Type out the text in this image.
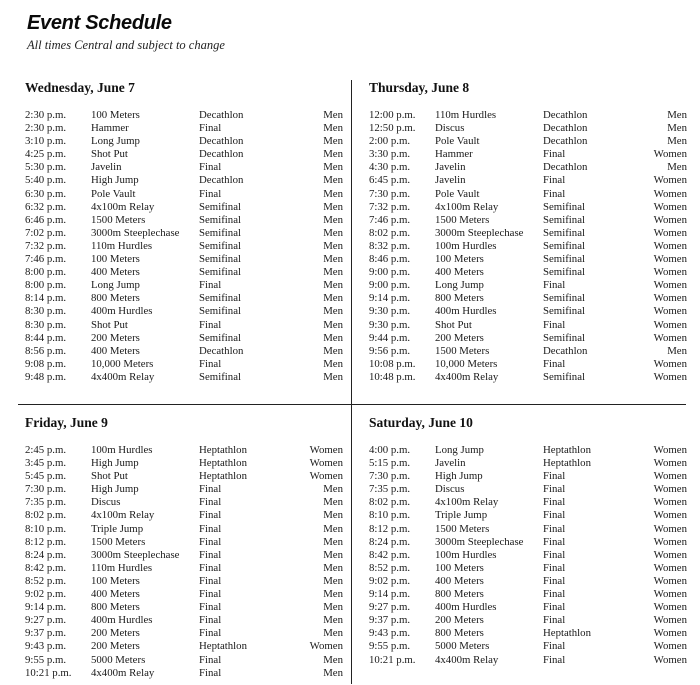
Event Schedule
All times Central and subject to change
Wednesday, June 7
2:30 p.m.	100 Meters	Decathlon	Men
2:30 p.m.	Hammer	Final	Men
3:10 p.m.	Long Jump	Decathlon	Men
4:25 p.m.	Shot Put	Decathlon	Men
5:30 p.m.	Javelin	Final	Men
5:40 p.m.	High Jump	Decathlon	Men
6:30 p.m.	Pole Vault	Final	Men
6:32 p.m.	4x100m Relay	Semifinal	Men
6:46 p.m.	1500 Meters	Semifinal	Men
7:02 p.m.	3000m Steeplechase	Semifinal	Men
7:32 p.m.	110m Hurdles	Semifinal	Men
7:46 p.m.	100 Meters	Semifinal	Men
8:00 p.m.	400 Meters	Semifinal	Men
8:00 p.m.	Long Jump	Final	Men
8:14 p.m.	800 Meters	Semifinal	Men
8:30 p.m.	400m Hurdles	Semifinal	Men
8:30 p.m.	Shot Put	Final	Men
8:44 p.m.	200 Meters	Semifinal	Men
8:56 p.m.	400 Meters	Decathlon	Men
9:08 p.m.	10,000 Meters	Final	Men
9:48 p.m.	4x400m Relay	Semifinal	Men
Thursday, June 8
12:00 p.m.	110m Hurdles	Decathlon	Men
12:50 p.m.	Discus	Decathlon	Men
2:00 p.m.	Pole Vault	Decathlon	Men
3:30 p.m.	Hammer	Final	Women
4:30 p.m.	Javelin	Decathlon	Men
6:45 p.m.	Javelin	Final	Women
7:30 p.m.	Pole Vault	Final	Women
7:32 p.m.	4x100m Relay	Semifinal	Women
7:46 p.m.	1500 Meters	Semifinal	Women
8:02 p.m.	3000m Steeplechase	Semifinal	Women
8:32 p.m.	100m Hurdles	Semifinal	Women
8:46 p.m.	100 Meters	Semifinal	Women
9:00 p.m.	400 Meters	Semifinal	Women
9:00 p.m.	Long Jump	Final	Women
9:14 p.m.	800 Meters	Semifinal	Women
9:30 p.m.	400m Hurdles	Semifinal	Women
9:30 p.m.	Shot Put	Final	Women
9:44 p.m.	200 Meters	Semifinal	Women
9:56 p.m.	1500 Meters	Decathlon	Men
10:08 p.m.	10,000 Meters	Final	Women
10:48 p.m.	4x400m Relay	Semifinal	Women
Friday, June 9
2:45 p.m.	100m Hurdles	Heptathlon	Women
3:45 p.m.	High Jump	Heptathlon	Women
5:45 p.m.	Shot Put	Heptathlon	Women
7:30 p.m.	High Jump	Final	Men
7:35 p.m.	Discus	Final	Men
8:02 p.m.	4x100m Relay	Final	Men
8:10 p.m.	Triple Jump	Final	Men
8:12 p.m.	1500 Meters	Final	Men
8:24 p.m.	3000m Steeplechase	Final	Men
8:42 p.m.	110m Hurdles	Final	Men
8:52 p.m.	100 Meters	Final	Men
9:02 p.m.	400 Meters	Final	Men
9:14 p.m.	800 Meters	Final	Men
9:27 p.m.	400m Hurdles	Final	Men
9:37 p.m.	200 Meters	Final	Men
9:43 p.m.	200 Meters	Heptathlon	Women
9:55 p.m.	5000 Meters	Final	Men
10:21 p.m.	4x400m Relay	Final	Men
Saturday, June 10
4:00 p.m.	Long Jump	Heptathlon	Women
5:15 p.m.	Javelin	Heptathlon	Women
7:30 p.m.	High Jump	Final	Women
7:35 p.m.	Discus	Final	Women
8:02 p.m.	4x100m Relay	Final	Women
8:10 p.m.	Triple Jump	Final	Women
8:12 p.m.	1500 Meters	Final	Women
8:24 p.m.	3000m Steeplechase	Final	Women
8:42 p.m.	100m Hurdles	Final	Women
8:52 p.m.	100 Meters	Final	Women
9:02 p.m.	400 Meters	Final	Women
9:14 p.m.	800 Meters	Final	Women
9:27 p.m.	400m Hurdles	Final	Women
9:37 p.m.	200 Meters	Final	Women
9:43 p.m.	800 Meters	Heptathlon	Women
9:55 p.m.	5000 Meters	Final	Women
10:21 p.m.	4x400m Relay	Final	Women
